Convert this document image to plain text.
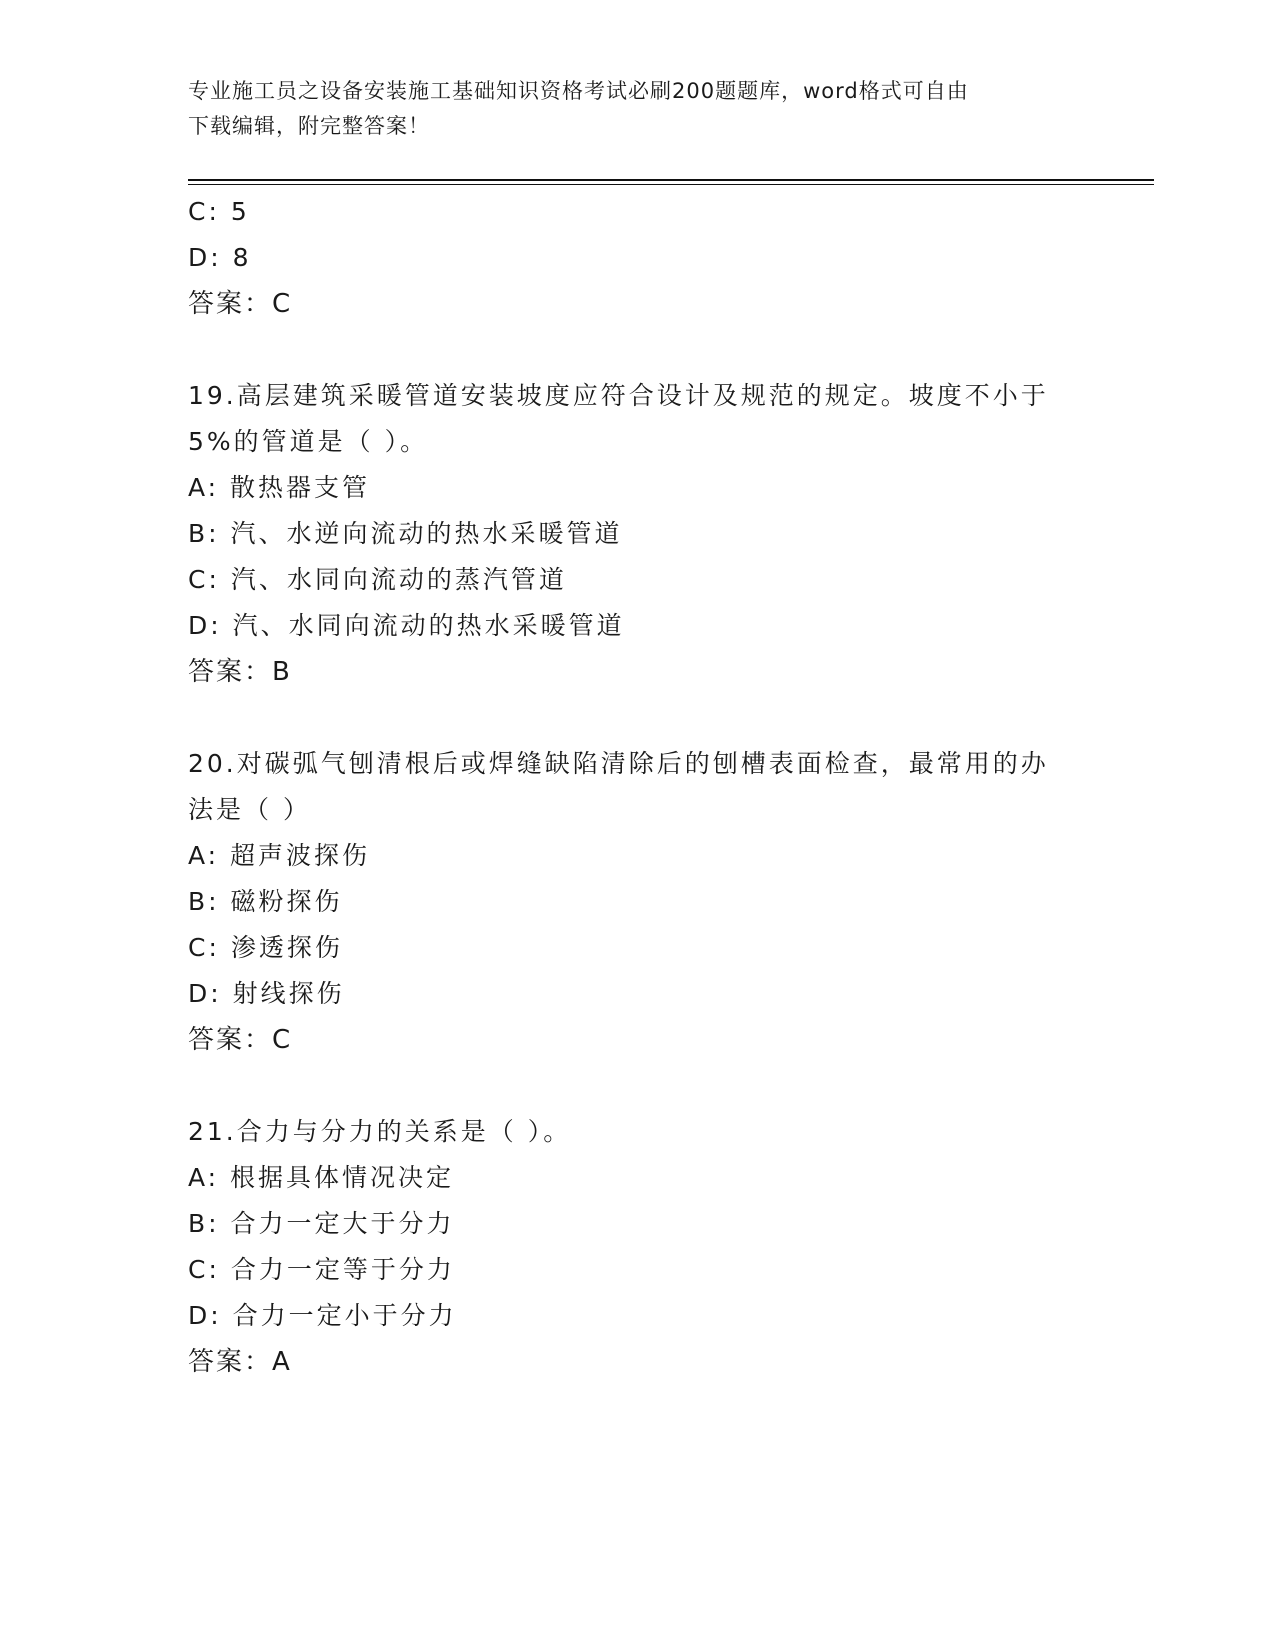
专业施工员之设备安装施工基础知识资格考试必刷200题题库，word格式可自由
下载编辑，附完整答案！
C: 5
D: 8
答案：C
19.高层建筑采暖管道安装坡度应符合设计及规范的规定。坡度不小于
5%的管道是（ ）。
A: 散热器支管
B: 汽、水逆向流动的热水采暖管道
C: 汽、水同向流动的蒸汽管道
D: 汽、水同向流动的热水采暖管道
答案：B
20.对碳弧气刨清根后或焊缝缺陷清除后的刨槽表面检查，最常用的办
法是（ ）
A: 超声波探伤
B: 磁粉探伤
C: 渗透探伤
D: 射线探伤
答案：C
21.合力与分力的关系是（ ）。
A: 根据具体情况决定
B: 合力一定大于分力
C: 合力一定等于分力
D: 合力一定小于分力
答案：A
